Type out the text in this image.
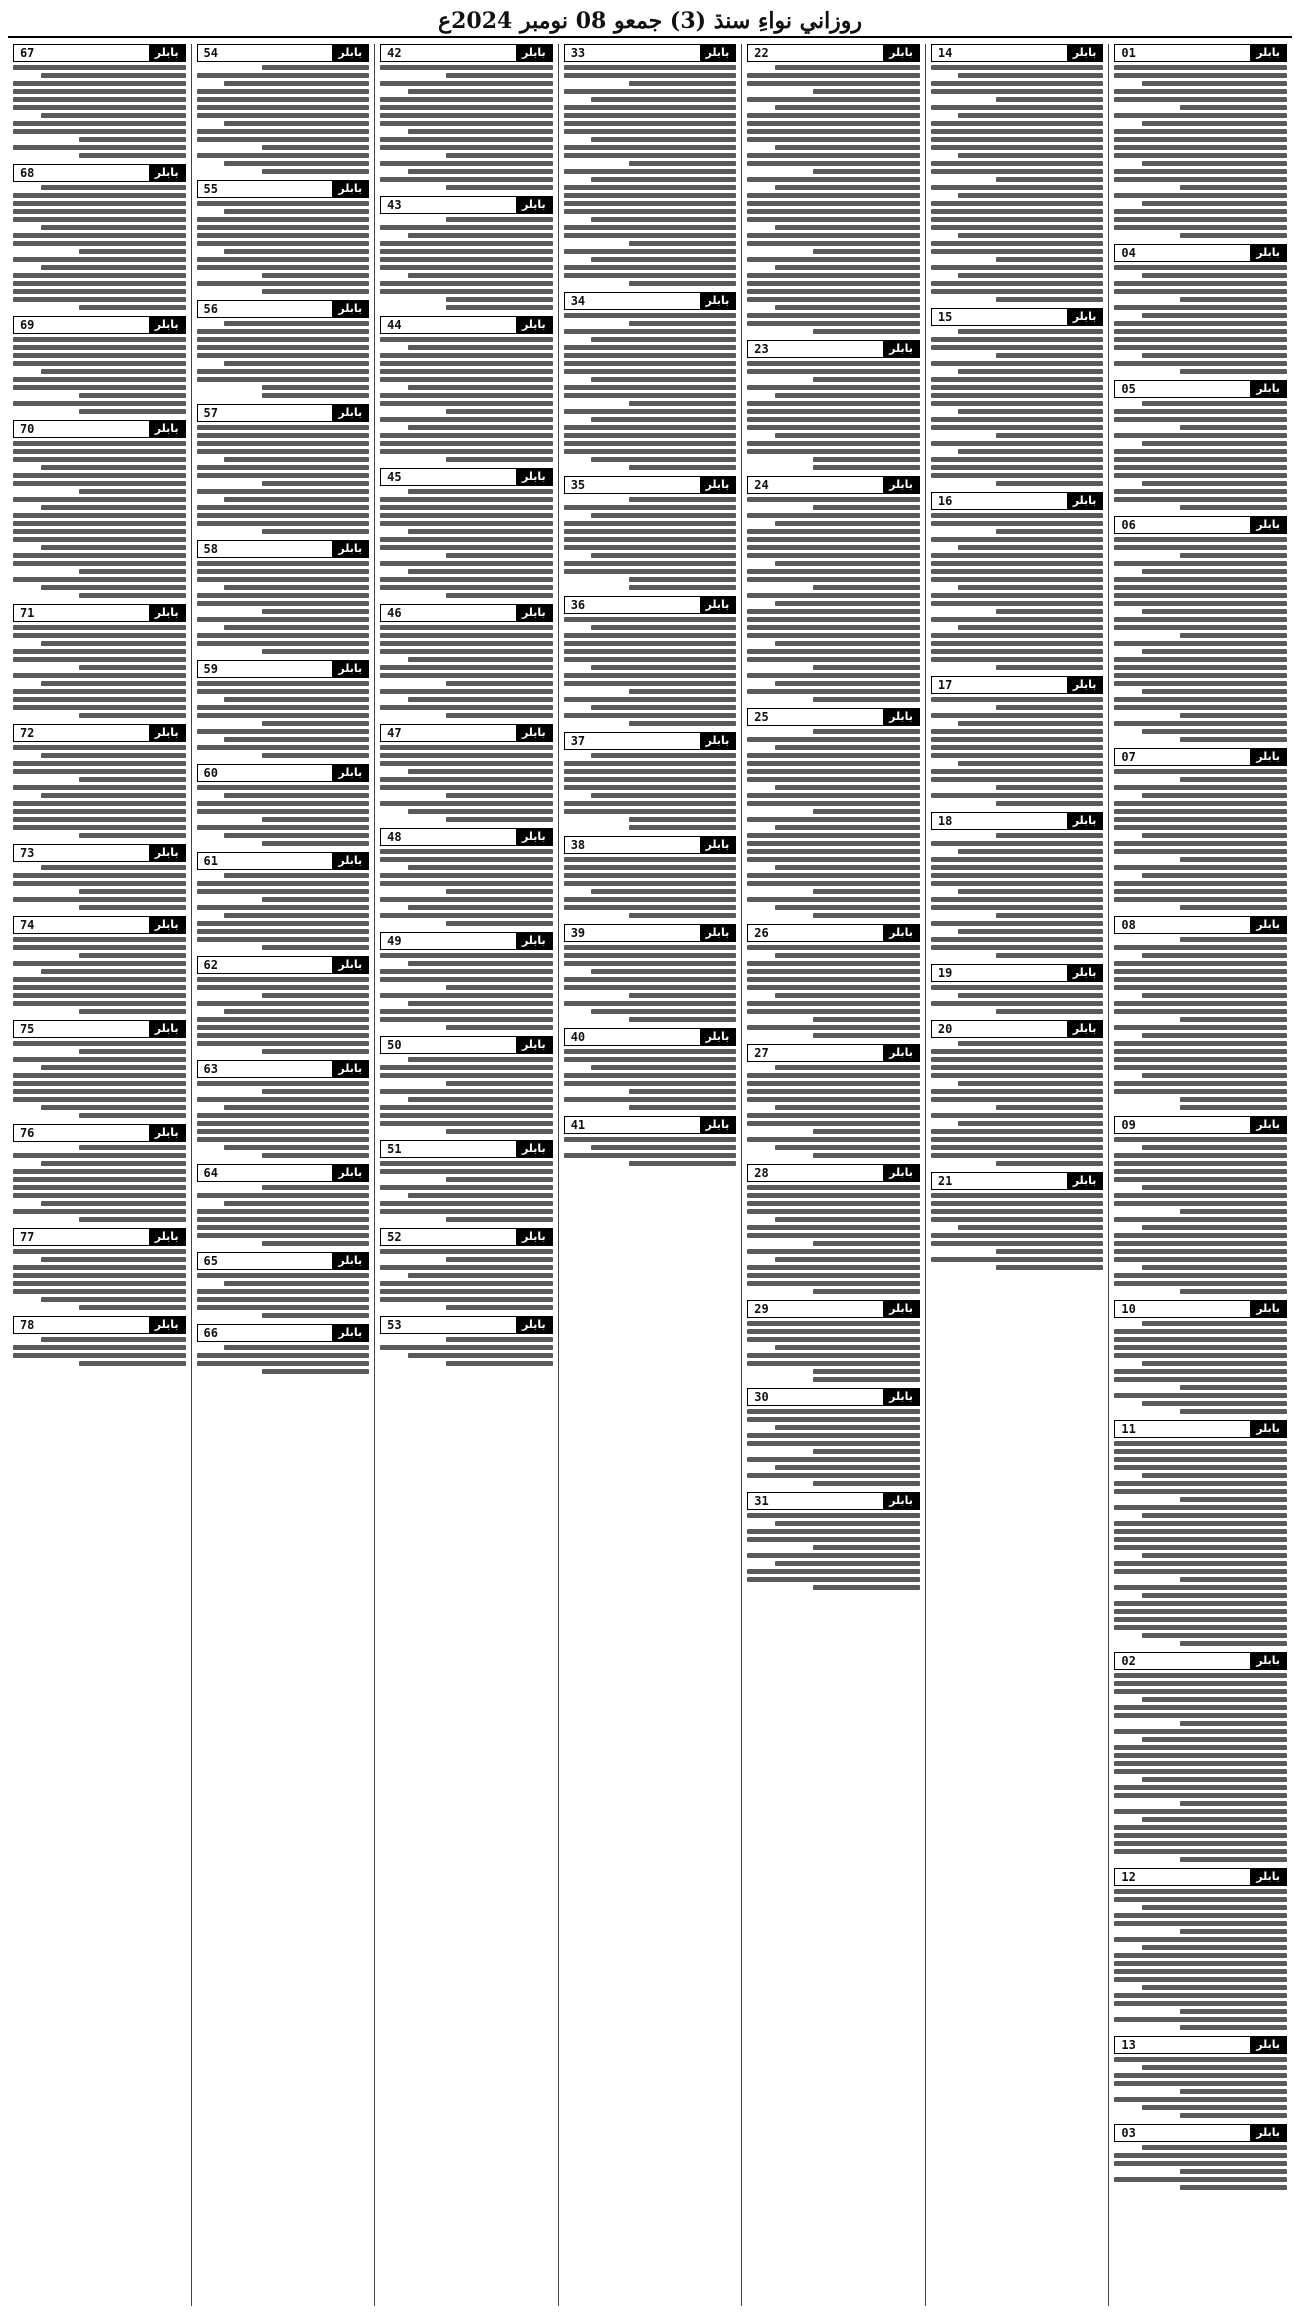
روزاني نواءِ سنڌ (3) جمعو 08 نومبر 2024ع
بابلر
01
بابلر
04
بابلر
05
بابلر
06
بابلر
07
بابلر
08
بابلر
09
بابلر
10
بابلر
11
بابلر
02
بابلر
12
بابلر
13
بابلر
03
بابلر
14
بابلر
15
بابلر
16
بابلر
17
بابلر
18
بابلر
19
بابلر
20
بابلر
21
بابلر
22
بابلر
23
بابلر
24
بابلر
25
بابلر
26
بابلر
27
بابلر
28
بابلر
29
بابلر
30
بابلر
31
بابلر
33
بابلر
34
بابلر
35
بابلر
36
بابلر
37
بابلر
38
بابلر
39
بابلر
40
بابلر
41
بابلر
42
بابلر
43
بابلر
44
بابلر
45
بابلر
46
بابلر
47
بابلر
48
بابلر
49
بابلر
50
بابلر
51
بابلر
52
بابلر
53
بابلر
54
بابلر
55
بابلر
56
بابلر
57
بابلر
58
بابلر
59
بابلر
60
بابلر
61
بابلر
62
بابلر
63
بابلر
64
بابلر
65
بابلر
66
بابلر
67
بابلر
68
بابلر
69
بابلر
70
بابلر
71
بابلر
72
بابلر
73
بابلر
74
بابلر
75
بابلر
76
بابلر
77
بابلر
78
